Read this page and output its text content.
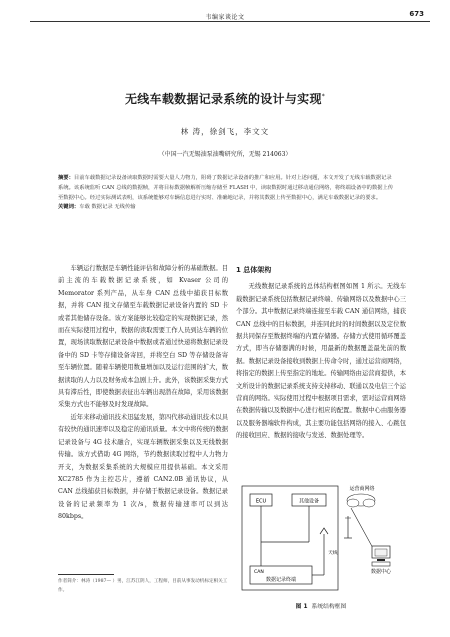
韦编家谈论文	673
无线车载数据记录系统的设计与实现*
林 涛，徐剑飞，李文文
（中国一汽无锡油泵油嘴研究所，无锡 214063）
摘要：目前车载数据记录设备读取数据时需要大量人力物力，阻碍了数据记录设备的推广和应用。针对上述问题，本文开发了无线车载数据记录系统。该系统监听 CAN 总线的数据帧，并将目标数据帧解析压缩存储至 FLASH 中，读取数据时通过移动通信网络，将终端设备中的数据上传至数据中心。经过实际测试表明，该系统能够对车辆信息进行实时、准确地记录，并将其数据上传至数据中心，满足车载数据记录的要求。
关键词：车载 数据记录 无线传输

车辆运行数据是车辆性能评估和故障分析的基础数据。目前主流的车载数据记录系统，如 Kvaser 公司的 Memorator 系列产品，从车身 CAN 总线中捕获目标数据，并将 CAN 报文存储至车载数据记录设备内置的 SD 卡或者其他储存设备。该方案能够比较稳定的实现数据记录，然而在实际使用过程中，数据的读取需要工作人员到达车辆的位置，现场读取数据记录设备中数据或者通过快递将数据记录设备中的 SD 卡等存储设备寄回，并将空白 SD 等存储设备寄至车辆位置。随着车辆使用数量增加以及运行范围的扩大，数据读取的人力以及财务成本急剧上升。此外，该数据采集方式具有滞后性，即使数据表征出车辆出现潜在故障，采用该数据采集方式也不能够及时发现故障。

近年来移动通讯技术迅猛发展，第四代移动通讯技术以具有较快的通讯速率以及稳定的通讯质量。本文中将传统的数据记录设备与 4G 技术融合，实现车辆数据采集以及无线数据传输。该方式借助 4G 网络，节约数据读取过程中人力物力开支，为数据采集系统的大规模应用提供基础。本文采用 XC2785 作为主控芯片，遵循 CAN2.0B 通讯协议，从 CAN 总线捕获目标数据，并存储于数据记录设备。数据记录设备的记录频率为 1 次/s，数据传输速率可以到达 80kbps。

作者简介：林涛（1987— ）男，江苏江阴人，工程师，目前从事发动机标定相关工作。
1 总体架构

无线数据记录系统的总体结构框图如图 1 所示。无线车载数据记录系统包括数据记录终端、传输网络以及数据中心三个部分。其中数据记录终端连接至车载 CAN 通信网络，捕获 CAN 总线中的目标数据，并连同此时的时间数据以及定位数据共同保存至数据终端的内置存储器。存储方式使用循环覆盖方式，即当存储器满的时候，用最新的数据覆盖最先前的数据。数据记录设备接收到数据上传命令时，通过运营商网络，将指定的数据上传至指定的地址。传输网络由运营商提供，本文所设计的数据记录系统支持支持移动、联通以及电信三个运营商的网络。实际使用过程中根据项目需求，需对运营商网络在数据传输以及数据中心进行相应的配置。数据中心由服务器以及服务器端软件构成，其主要功能包括网络的接入、心跳包的接收回应、数据的接收与发送、数据处理等。

ECU	其他设备
CAN
数据记录终端
天线
运营商网络
数据中心
图 1 系统结构框图
